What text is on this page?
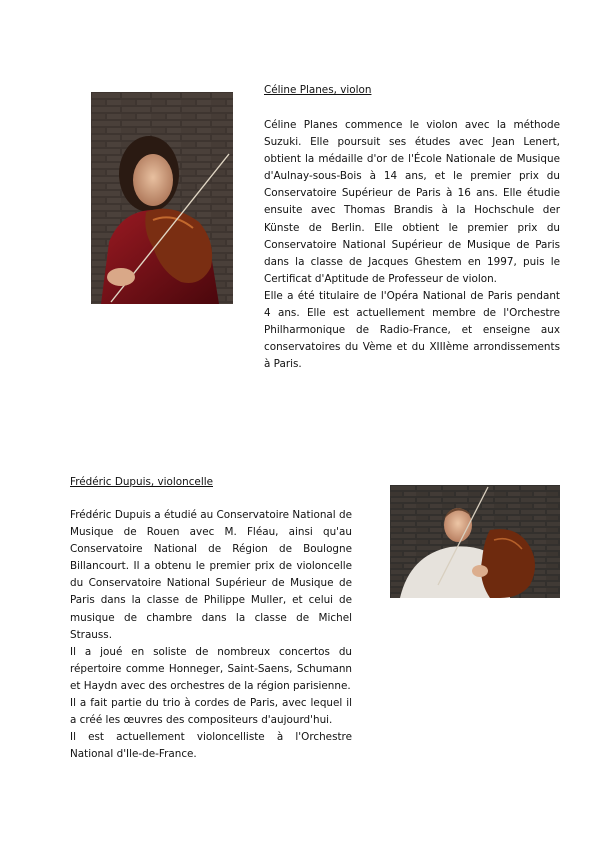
Céline Planes, violon

Céline Planes commence le violon avec la méthode Suzuki. Elle poursuit ses études avec Jean Lenert, obtient la médaille d'or de l'École Nationale de Musique d'Aulnay-sous-Bois à 14 ans, et le premier prix du Conservatoire Supérieur de Paris à 16 ans. Elle étudie ensuite avec Thomas Brandis à la Hochschule der Künste de Berlin. Elle obtient le premier prix du Conservatoire National Supérieur de Musique de Paris dans la classe de Jacques Ghestem en 1997, puis le Certificat d'Aptitude de Professeur de violon.

Elle a été titulaire de l'Opéra National de Paris pendant 4 ans. Elle est actuellement membre de l'Orchestre Philharmonique de Radio-France, et enseigne aux conservatoires du Vème et du XIIIème arrondissements à Paris.

Frédéric Dupuis, violoncelle

Frédéric Dupuis a étudié au Conservatoire National de Musique de Rouen avec M. Fléau, ainsi qu'au Conservatoire National de Région de Boulogne Billancourt. Il a obtenu le premier prix de violoncelle du Conservatoire National Supérieur de Musique de Paris dans la classe de Philippe Muller, et celui de musique de chambre dans la classe de Michel Strauss.

Il a joué en soliste de nombreux concertos du répertoire comme Honneger, Saint-Saens, Schumann et Haydn avec des orchestres de la région parisienne.

Il a fait partie du trio à cordes de Paris, avec lequel il a créé les œuvres des compositeurs d'aujourd'hui.

Il est actuellement violoncelliste à l'Orchestre National d'Ile-de-France.
